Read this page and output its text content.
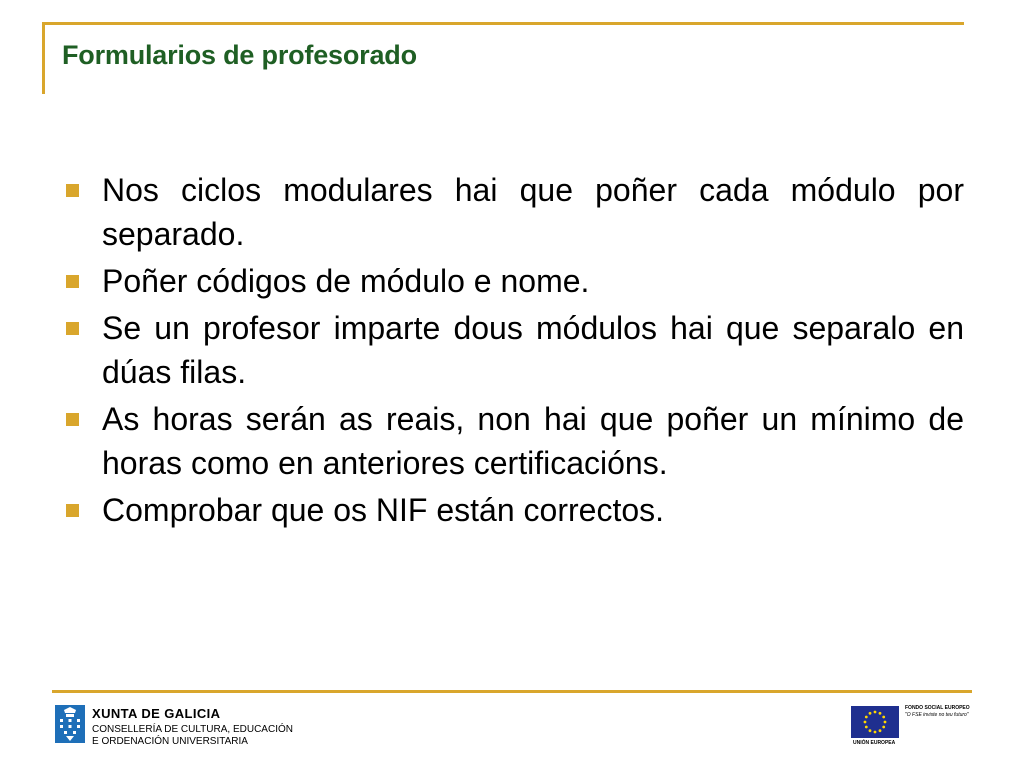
Formularios de profesorado
Nos ciclos modulares hai que poñer cada módulo por separado.
Poñer códigos de módulo e nome.
Se un profesor imparte dous módulos hai que separalo en dúas filas.
As horas serán as reais, non hai que poñer un mínimo de horas como en anteriores certificacións.
Comprobar que os NIF están correctos.
XUNTA DE GALICIA
CONSELLERÍA DE CULTURA, EDUCACIÓN
E ORDENACIÓN UNIVERSITARIA	UNIÓN EUROPEA
FONDO SOCIAL EUROPEO
"O FSE inviste no teu futuro"
